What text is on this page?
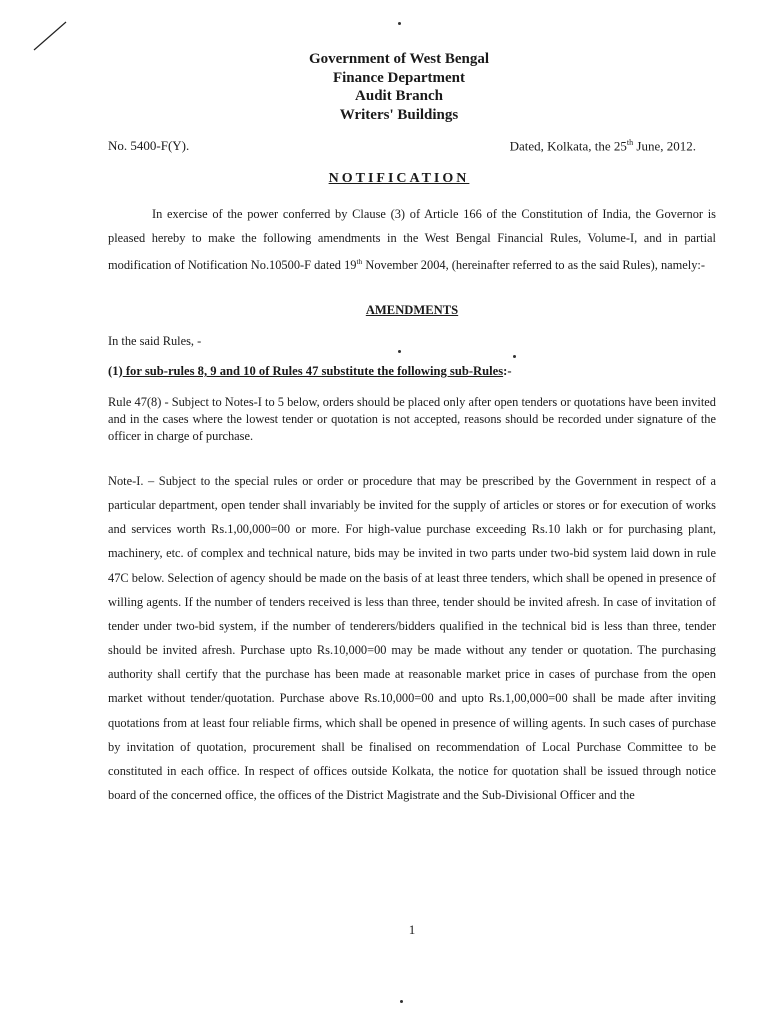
Government of West Bengal
Finance Department
Audit Branch
Writers' Buildings
No. 5400-F(Y).	Dated, Kolkata, the 25th June, 2012.
NOTIFICATION
In exercise of the power conferred by Clause (3) of Article 166 of the Constitution of India, the Governor is pleased hereby to make the following amendments in the West Bengal Financial Rules, Volume-I, and in partial modification of Notification No.10500-F dated 19th November 2004, (hereinafter referred to as the said Rules), namely:-
AMENDMENTS
In the said Rules, -
(1) for sub-rules 8, 9 and 10 of Rules 47 substitute the following sub-Rules:-
Rule 47(8) - Subject to Notes-I to 5 below, orders should be placed only after open tenders or quotations have been invited and in the cases where the lowest tender or quotation is not accepted, reasons should be recorded under signature of the officer in charge of purchase.
Note-I. – Subject to the special rules or order or procedure that may be prescribed by the Government in respect of a particular department, open tender shall invariably be invited for the supply of articles or stores or for execution of works and services worth Rs.1,00,000=00 or more. For high-value purchase exceeding Rs.10 lakh or for purchasing plant, machinery, etc. of complex and technical nature, bids may be invited in two parts under two-bid system laid down in rule 47C below. Selection of agency should be made on the basis of at least three tenders, which shall be opened in presence of willing agents. If the number of tenders received is less than three, tender should be invited afresh. In case of invitation of tender under two-bid system, if the number of tenderers/bidders qualified in the technical bid is less than three, tender should be invited afresh. Purchase upto Rs.10,000=00 may be made without any tender or quotation. The purchasing authority shall certify that the purchase has been made at reasonable market price in cases of purchase from the open market without tender/quotation. Purchase above Rs.10,000=00 and upto Rs.1,00,000=00 shall be made after inviting quotations from at least four reliable firms, which shall be opened in presence of willing agents. In such cases of purchase by invitation of quotation, procurement shall be finalised on recommendation of Local Purchase Committee to be constituted in each office. In respect of offices outside Kolkata, the notice for quotation shall be issued through notice board of the concerned office, the offices of the District Magistrate and the Sub-Divisional Officer and the
1
